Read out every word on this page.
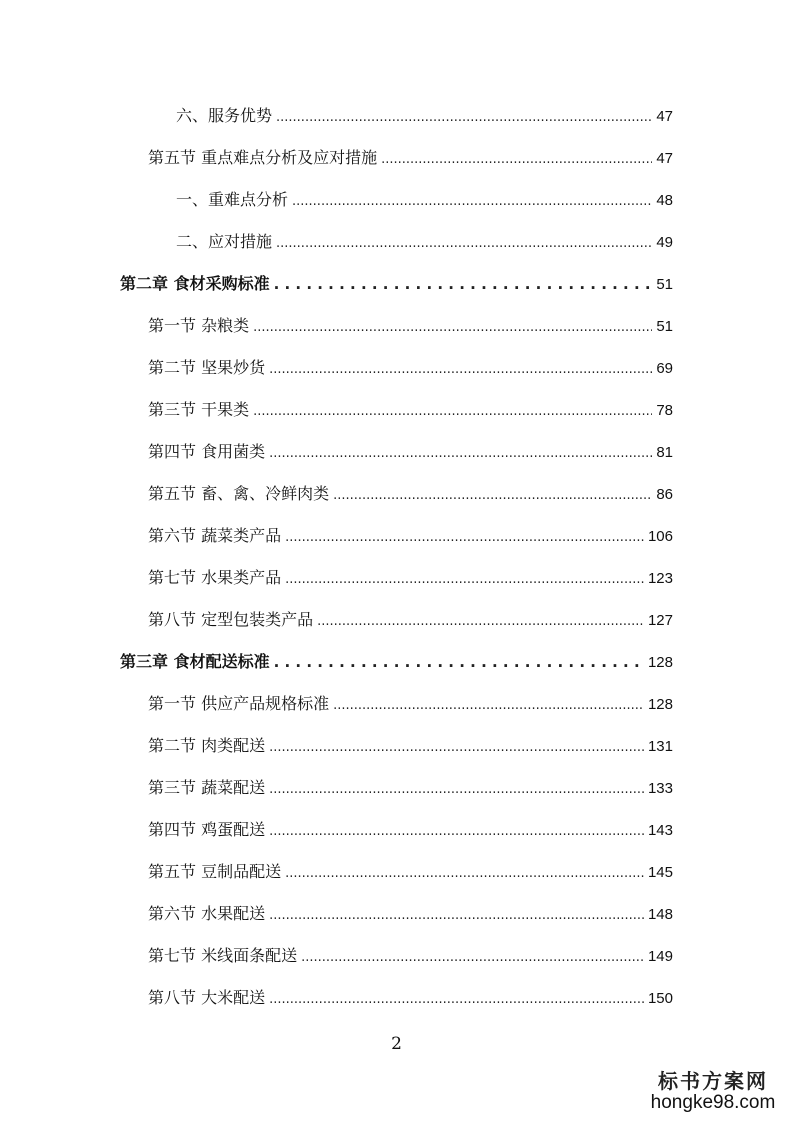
六、服务优势 .....	47
第五节 重点难点分析及应对措施 .....	47
一、重难点分析 .....	48
二、应对措施 .....	49
第二章 食材采购标准 . . .	51
第一节 杂粮类 .....	51
第二节 坚果炒货 .....	69
第三节 干果类 .....	78
第四节 食用菌类 .....	81
第五节 畜、禽、冷鲜肉类 .....	86
第六节 蔬菜类产品 .....	106
第七节 水果类产品 .....	123
第八节 定型包装类产品 .....	127
第三章 食材配送标准 . . .	128
第一节 供应产品规格标准 .....	128
第二节 肉类配送 .....	131
第三节 蔬菜配送 .....	133
第四节 鸡蛋配送 .....	143
第五节 豆制品配送 .....	145
第六节 水果配送 .....	148
第七节 米线面条配送 .....	149
第八节 大米配送 .....	150
2
标书方案网
hongke98.com
